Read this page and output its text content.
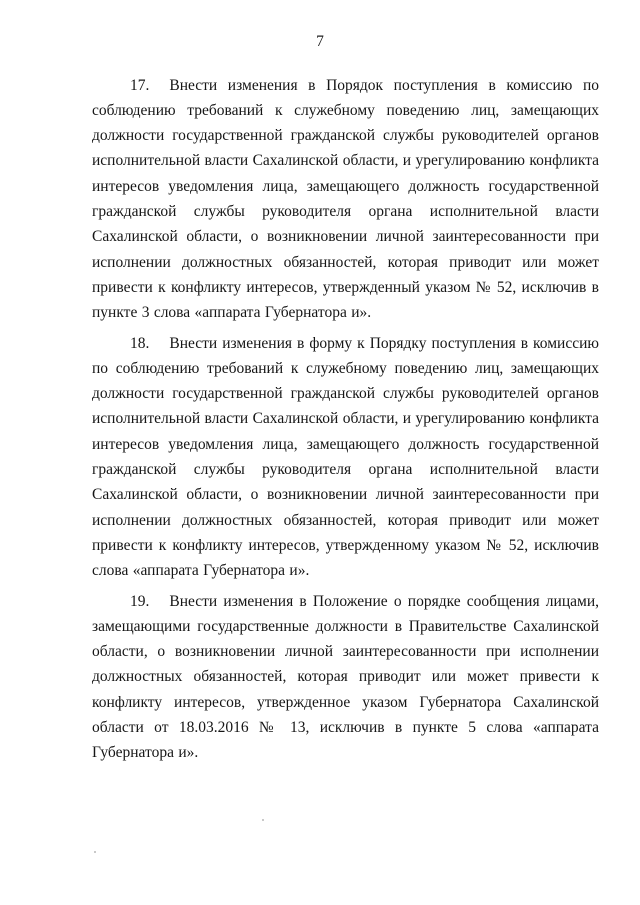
7

17. Внести изменения в Порядок поступления в комиссию по соблюдению требований к служебному поведению лиц, замещающих должности государственной гражданской службы руководителей органов исполнительной власти Сахалинской области, и урегулированию конфликта интересов уведомления лица, замещающего должность государственной гражданской службы руководителя органа исполнительной власти Сахалинской области, о возникновении личной заинтересованности при исполнении должностных обязанностей, которая приводит или может привести к конфликту интересов, утвержденный указом № 52, исключив в пункте 3 слова «аппарата Губернатора и».

18. Внести изменения в форму к Порядку поступления в комиссию по соблюдению требований к служебному поведению лиц, замещающих должности государственной гражданской службы руководителей органов исполнительной власти Сахалинской области, и урегулированию конфликта интересов уведомления лица, замещающего должность государственной гражданской службы руководителя органа исполнительной власти Сахалинской области, о возникновении личной заинтересованности при исполнении должностных обязанностей, которая приводит или может привести к конфликту интересов, утвержденному указом № 52, исключив слова «аппарата Губернатора и».

19. Внести изменения в Положение о порядке сообщения лицами, замещающими государственные должности в Правительстве Сахалинской области, о возникновении личной заинтересованности при исполнении должностных обязанностей, которая приводит или может привести к конфликту интересов, утвержденное указом Губернатора Сахалинской области от 18.03.2016 № 13, исключив в пункте 5 слова «аппарата Губернатора и».
